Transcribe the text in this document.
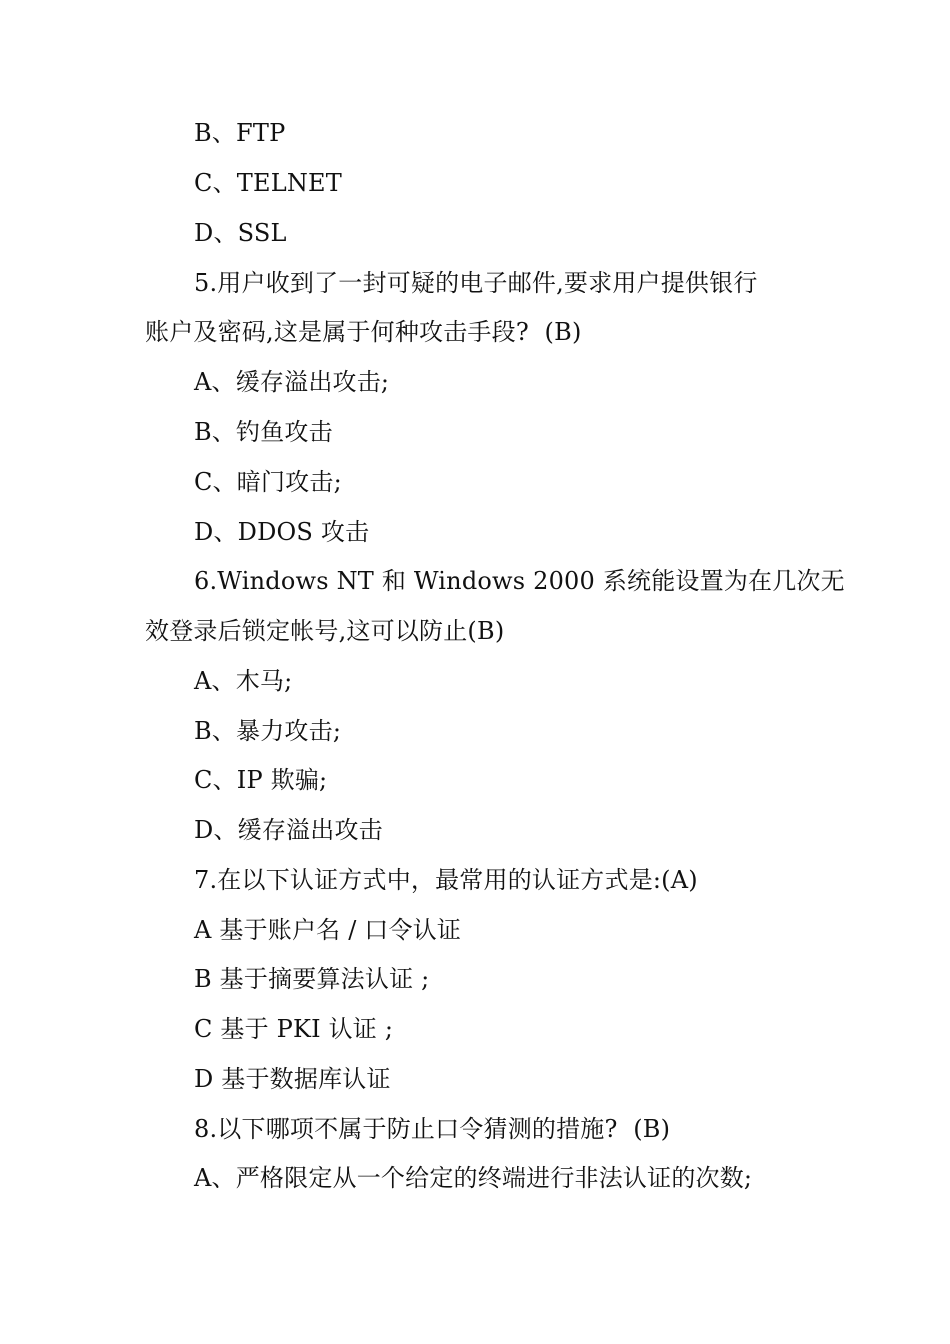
B、FTP
C、TELNET
D、SSL
5.用户收到了一封可疑的电子邮件,要求用户提供银行
账户及密码,这是属于何种攻击手段?  (B)
A、缓存溢出攻击;
B、钓鱼攻击
C、暗门攻击;
D、DDOS 攻击
6.Windows NT 和 Windows 2000 系统能设置为在几次无
效登录后锁定帐号,这可以防止(B)
A、木马;
B、暴力攻击;
C、IP 欺骗;
D、缓存溢出攻击
7.在以下认证方式中，最常用的认证方式是:(A)
A 基于账户名 / 口令认证
B 基于摘要算法认证 ;
C 基于 PKI 认证 ;
D 基于数据库认证
8.以下哪项不属于防止口令猜测的措施?  (B)
A、严格限定从一个给定的终端进行非法认证的次数;
